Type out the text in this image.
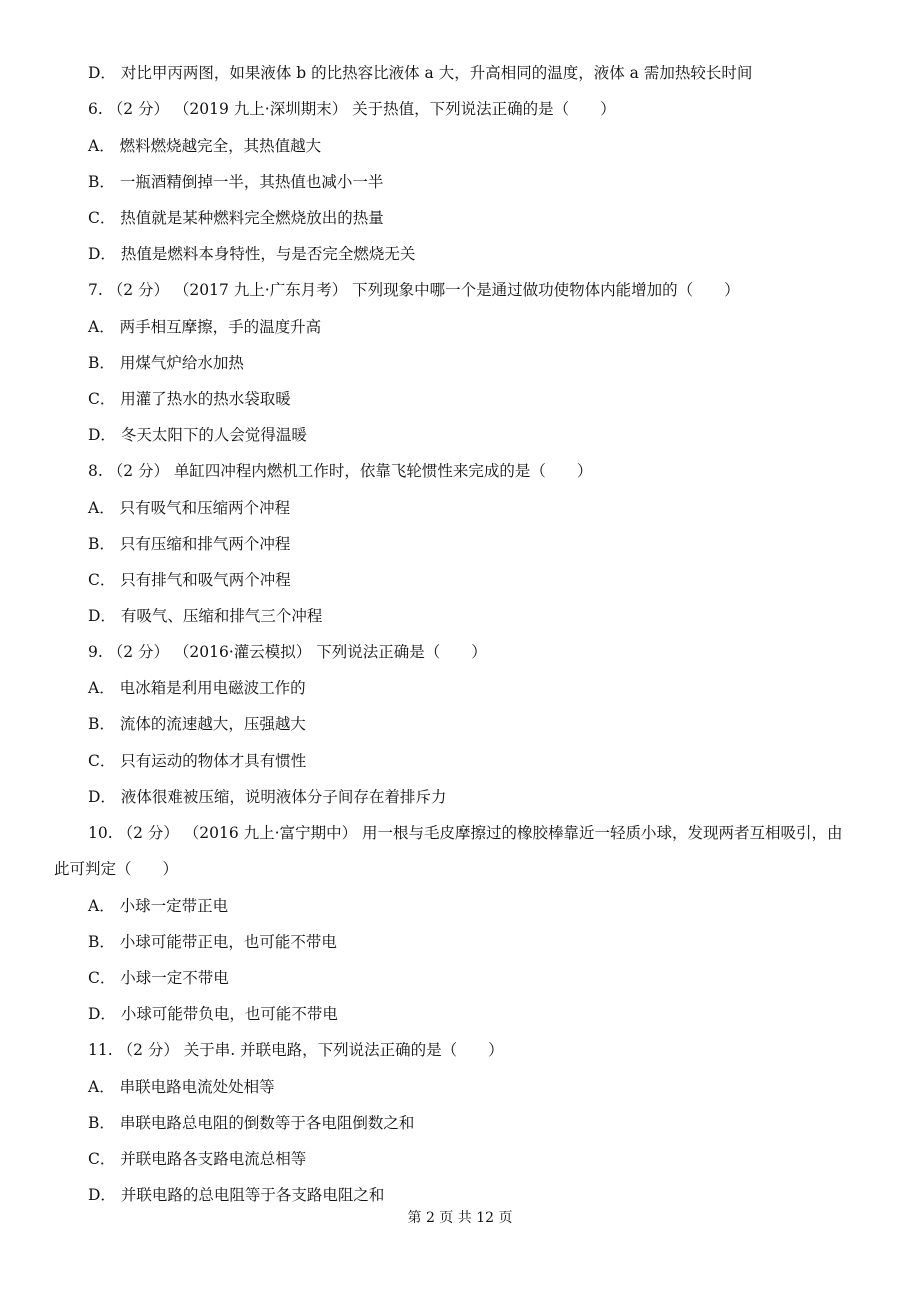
D． 对比甲丙两图，如果液体 b 的比热容比液体 a 大，升高相同的温度，液体 a 需加热较长时间
6. （2 分） （2019 九上·深圳期末） 关于热值，下列说法正确的是（　　）
A． 燃料燃烧越完全，其热值越大
B． 一瓶酒精倒掉一半，其热值也减小一半
C． 热值就是某种燃料完全燃烧放出的热量
D． 热值是燃料本身特性，与是否完全燃烧无关
7. （2 分） （2017 九上·广东月考） 下列现象中哪一个是通过做功使物体内能增加的（　　）
A． 两手相互摩擦，手的温度升高
B． 用煤气炉给水加热
C． 用灌了热水的热水袋取暖
D． 冬天太阳下的人会觉得温暖
8. （2 分） 单缸四冲程内燃机工作时，依靠飞轮惯性来完成的是（　　）
A． 只有吸气和压缩两个冲程
B． 只有压缩和排气两个冲程
C． 只有排气和吸气两个冲程
D． 有吸气、压缩和排气三个冲程
9. （2 分） （2016·灌云模拟） 下列说法正确是（　　）
A． 电冰箱是利用电磁波工作的
B． 流体的流速越大，压强越大
C． 只有运动的物体才具有惯性
D． 液体很难被压缩，说明液体分子间存在着排斥力
10. （2 分） （2016 九上·富宁期中） 用一根与毛皮摩擦过的橡胶棒靠近一轻质小球，发现两者互相吸引，由
此可判定（　　）
A． 小球一定带正电
B． 小球可能带正电，也可能不带电
C． 小球一定不带电
D． 小球可能带负电，也可能不带电
11. （2 分） 关于串. 并联电路，下列说法正确的是（　　）
A． 串联电路电流处处相等
B． 串联电路总电阻的倒数等于各电阻倒数之和
C． 并联电路各支路电流总相等
D． 并联电路的总电阻等于各支路电阻之和
第 2 页 共 12 页
